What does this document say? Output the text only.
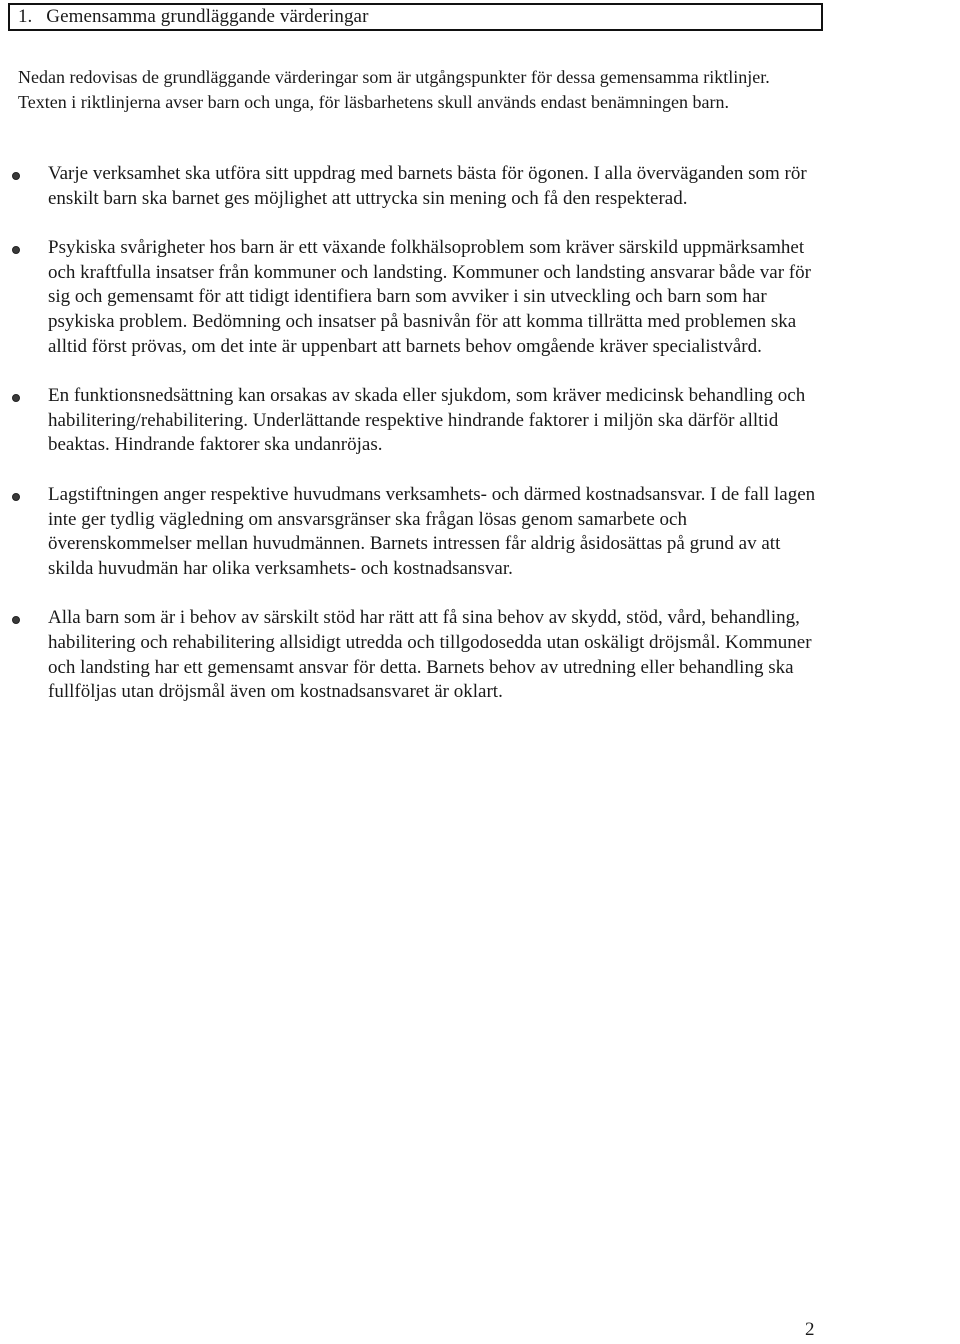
1. Gemensamma grundläggande värderingar

Nedan redovisas de grundläggande värderingar som är utgångspunkter för dessa gemensamma riktlinjer. Texten i riktlinjerna avser barn och unga, för läsbarhetens skull används endast benämningen barn.

Varje verksamhet ska utföra sitt uppdrag med barnets bästa för ögonen. I alla överväganden som rör enskilt barn ska barnet ges möjlighet att uttrycka sin mening och få den respekterad.
Psykiska svårigheter hos barn är ett växande folkhälsoproblem som kräver särskild uppmärksamhet och kraftfulla insatser från kommuner och landsting. Kommuner och landsting ansvarar både var för sig och gemensamt för att tidigt identifiera barn som avviker i sin utveckling och barn som har psykiska problem. Bedömning och insatser på basnivån för att komma tillrätta med problemen ska alltid först prövas, om det inte är uppenbart att barnets behov omgående kräver specialistvård.
En funktionsnedsättning kan orsakas av skada eller sjukdom, som kräver medicinsk behandling och habilitering/rehabilitering. Underlättande respektive hindrande faktorer i miljön ska därför alltid beaktas. Hindrande faktorer ska undanröjas.
Lagstiftningen anger respektive huvudmans verksamhets- och därmed kostnadsansvar. I de fall lagen inte ger tydlig vägledning om ansvarsgränser ska frågan lösas genom samarbete och överenskommelser mellan huvudmännen. Barnets intressen får aldrig åsidosättas på grund av att skilda huvudmän har olika verksamhets- och kostnadsansvar.
Alla barn som är i behov av särskilt stöd har rätt att få sina behov av skydd, stöd, vård, behandling, habilitering och rehabilitering allsidigt utredda och tillgodosedda utan oskäligt dröjsmål. Kommuner och landsting har ett gemensamt ansvar för detta. Barnets behov av utredning eller behandling ska fullföljas utan dröjsmål även om kostnadsansvaret är oklart.
2
